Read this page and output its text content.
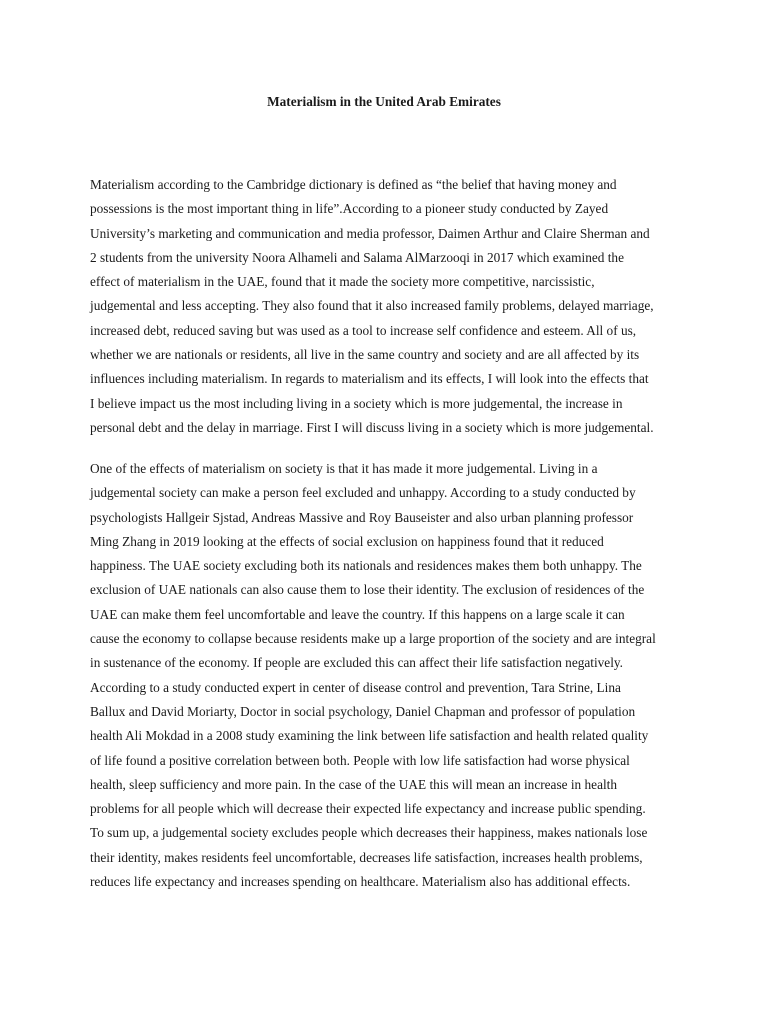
Materialism in the United Arab Emirates

Materialism according to the Cambridge dictionary is defined as “the belief that having money and
possessions is the most important thing in life”.According to a pioneer study conducted by Zayed
University’s marketing and communication and media professor, Daimen Arthur and Claire Sherman and
2 students from the university Noora Alhameli and Salama AlMarzooqi in 2017 which examined the
effect of materialism in the UAE, found that it made the society more competitive, narcissistic,
judgemental and less accepting. They also found that it also increased family problems, delayed marriage,
increased debt, reduced saving but was used as a tool to increase self confidence and esteem. All of us,
whether we are nationals or residents, all live in the same country and society and are all affected by its
influences including materialism. In regards to materialism and its effects, I will look into the effects that
I believe impact us the most including living in a society which is more judgemental, the increase in
personal debt and the delay in marriage. First I will discuss living in a society which is more judgemental.

One of the effects of materialism on society is that it has made it more judgemental. Living in a
judgemental society can make a person feel excluded and unhappy. According to a study conducted by
psychologists Hallgeir Sjstad, Andreas Massive and Roy Bauseister and also urban planning professor
Ming Zhang in 2019 looking at the effects of social exclusion on happiness found that it reduced
happiness. The UAE society excluding both its nationals and residences makes them both unhappy. The
exclusion of UAE nationals can also cause them to lose their identity. The exclusion of residences of the
UAE can make them feel uncomfortable and leave the country. If this happens on a large scale it can
cause the economy to collapse because residents make up a large proportion of the society and are integral
in sustenance of the economy. If people are excluded this can affect their life satisfaction negatively.
According to a study conducted expert in center of disease control and prevention, Tara Strine, Lina
Ballux and David Moriarty, Doctor in social psychology, Daniel Chapman and professor of population
health Ali Mokdad in a 2008 study examining the link between life satisfaction and health related quality
of life found a positive correlation between both. People with low life satisfaction had worse physical
health, sleep sufficiency and more pain. In the case of the UAE this will mean an increase in health
problems for all people which will decrease their expected life expectancy and increase public spending.
To sum up, a judgemental society excludes people which decreases their happiness, makes nationals lose
their identity, makes residents feel uncomfortable, decreases life satisfaction, increases health problems,
reduces life expectancy and increases spending on healthcare. Materialism also has additional effects.
